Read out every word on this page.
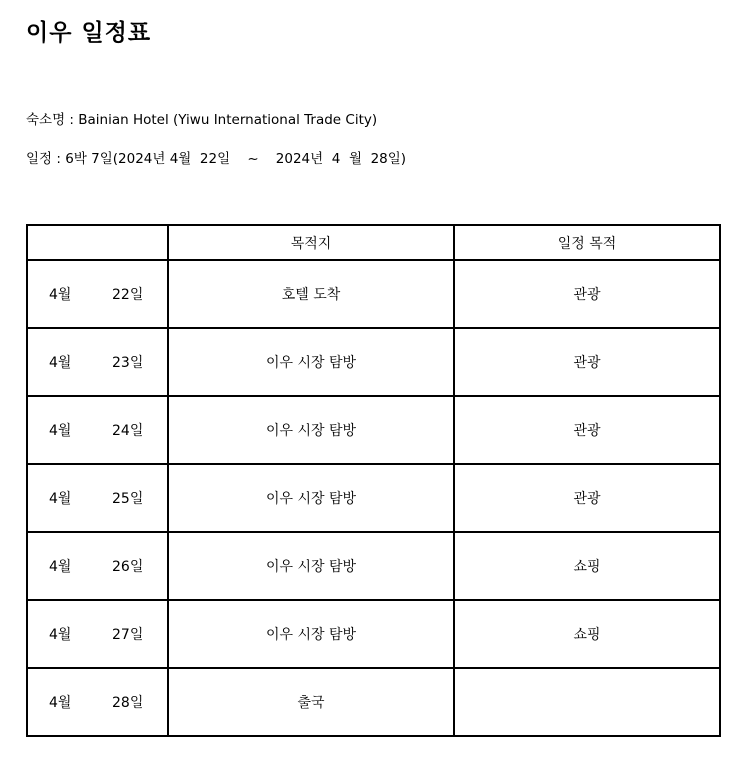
이우 일정표

숙소명 : Bainian Hotel (Yiwu International Trade City)

일정 : 6박 7일(2024년 4월  22일    ~    2024년  4  월  28일)

	목적지	일정 목적

4월 22일	호텔 도착	관광

4월 23일	이우 시장 탐방	관광

4월 24일	이우 시장 탐방	관광

4월 25일	이우 시장 탐방	관광

4월 26일	이우 시장 탐방	쇼핑

4월 27일	이우 시장 탐방	쇼핑

4월 28일	출국	
